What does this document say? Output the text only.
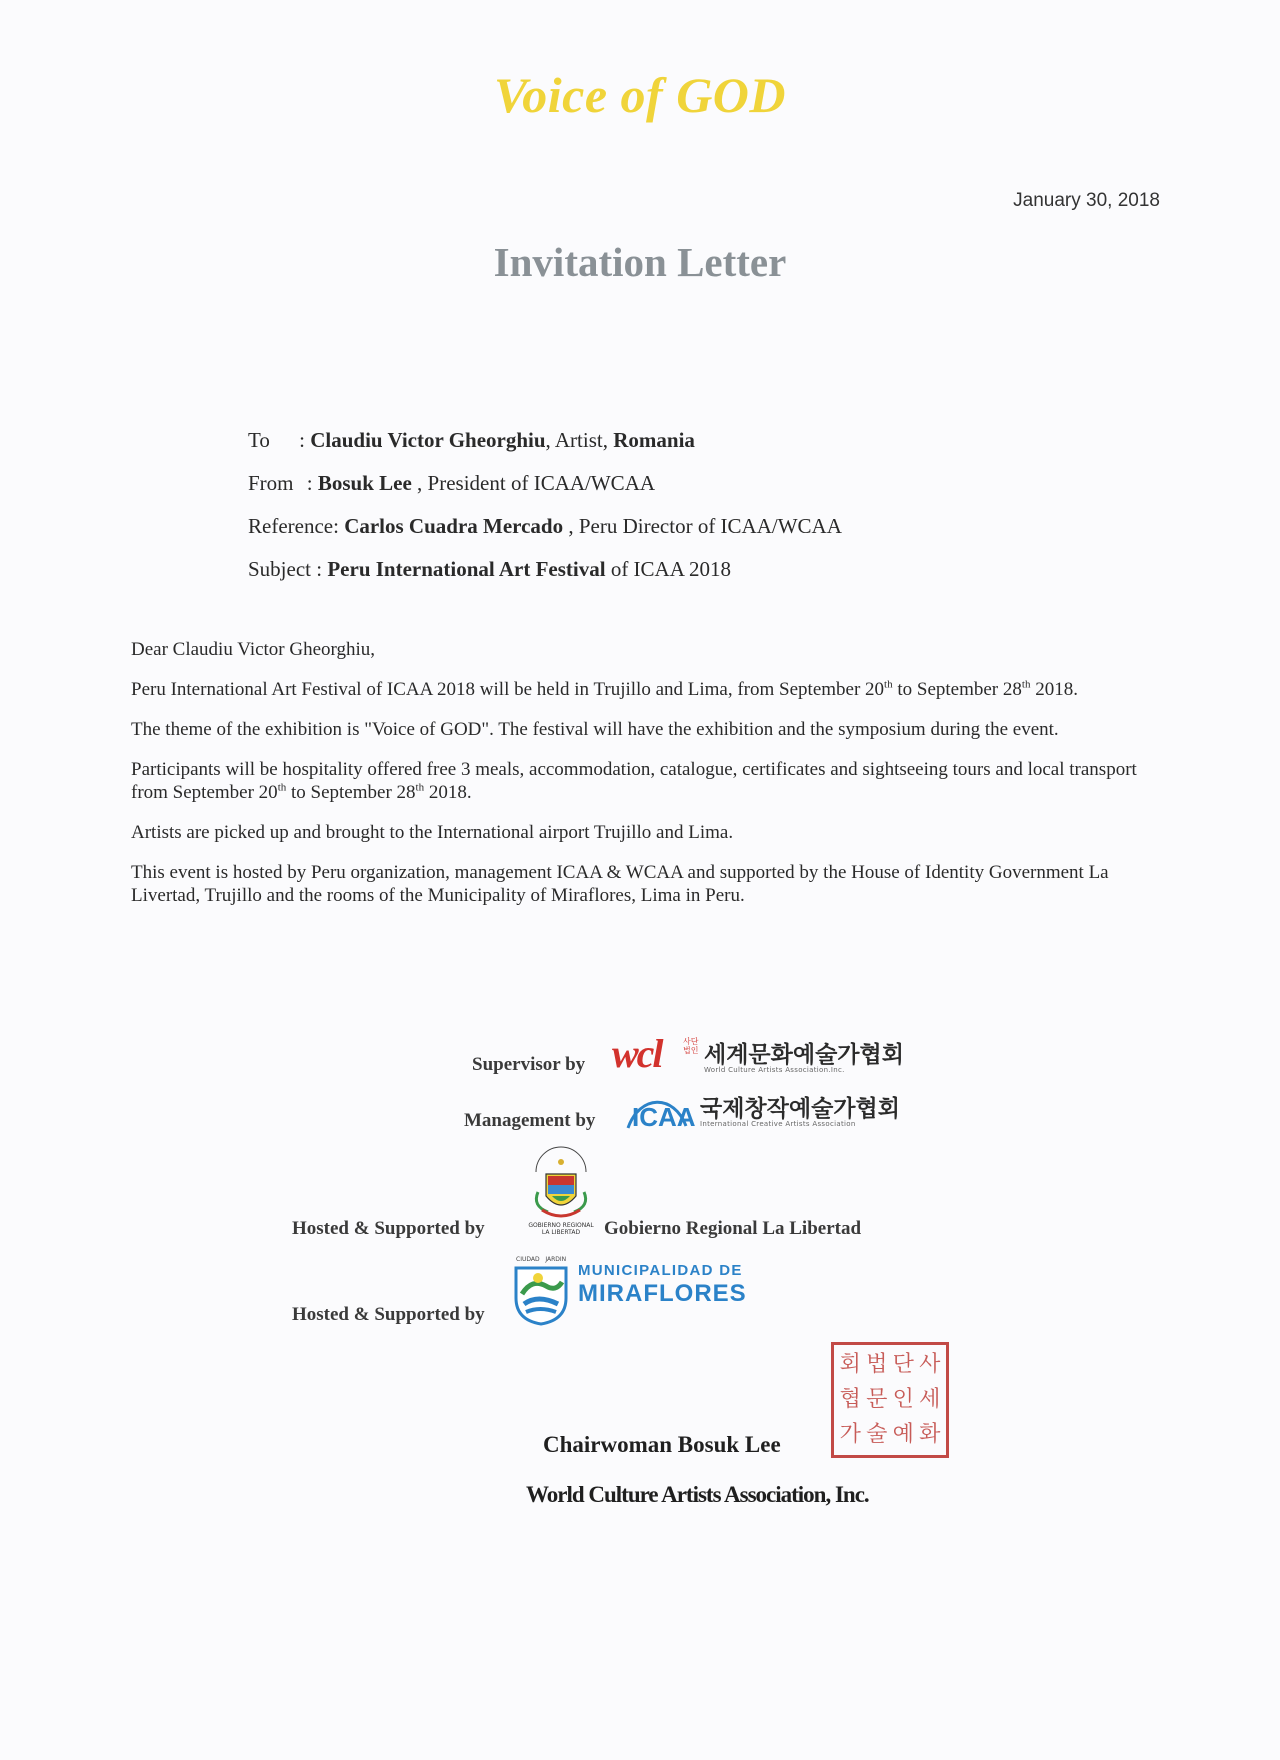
Voice of GOD
January 30, 2018
Invitation Letter
To : Claudiu Victor Gheorghiu, Artist, Romania
From : Bosuk Lee , President of ICAA/WCAA
Reference: Carlos Cuadra Mercado , Peru Director of ICAA/WCAA
Subject : Peru International Art Festival of ICAA 2018

Dear Claudiu Victor Gheorghiu,

Peru International Art Festival of ICAA 2018 will be held in Trujillo and Lima, from September 20th to September 28th 2018.

The theme of the exhibition is "Voice of GOD". The festival will have the exhibition and the symposium during the event.

Participants will be hospitality offered free 3 meals, accommodation, catalogue, certificates and sightseeing tours and local transport from September 20th to September 28th 2018.

Artists are picked up and brought to the International airport Trujillo and Lima.

This event is hosted by Peru organization, management ICAA & WCAA and supported by the House of Identity Government La Livertad, Trujillo and the rooms of the Municipality of Miraflores, Lima in Peru.

Supervisor by wcl	사단
법인 세계문화예술가협회
World Culture Artists Association.Inc.
Management by ICAA 국제창작예술가협회
International Creative Artists Association
Hosted & Supported by	GOBIERNO REGIONAL
LA LIBERTAD	Gobierno Regional La Libertad
CIUDAD JARDIN
MUNICIPALIDAD DE
MIRAFLORES
Hosted & Supported by
회 법 단 사
협 문 인 세
가 술 예 화
Chairwoman Bosuk Lee
World Culture Artists Association, Inc.
